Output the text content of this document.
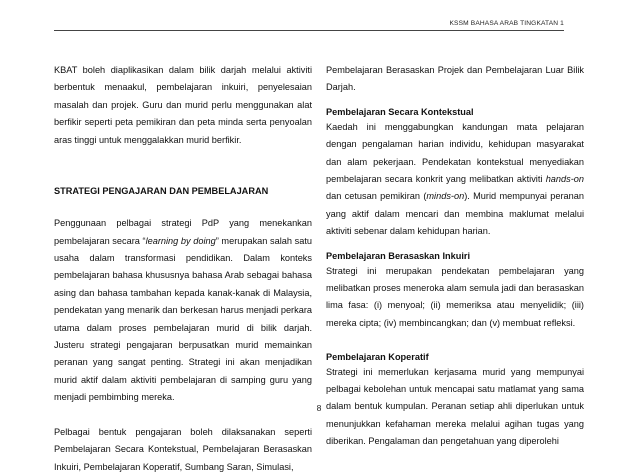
KSSM BAHASA ARAB TINGKATAN 1

KBAT boleh diaplikasikan dalam bilik darjah melalui aktiviti berbentuk menaakul, pembelajaran inkuiri, penyelesaian masalah dan projek. Guru dan murid perlu menggunakan alat berfikir seperti peta pemikiran dan peta minda serta penyoalan aras tinggi untuk menggalakkan murid berfikir.

STRATEGI PENGAJARAN DAN PEMBELAJARAN

Penggunaan pelbagai strategi PdP yang menekankan pembelajaran secara “learning by doing” merupakan salah satu usaha dalam transformasi pendidikan. Dalam konteks pembelajaran bahasa khususnya bahasa Arab sebagai bahasa asing dan bahasa tambahan kepada kanak-kanak di Malaysia, pendekatan yang menarik dan berkesan harus menjadi perkara utama dalam proses pembelajaran murid di bilik darjah. Justeru strategi pengajaran berpusatkan murid memainkan peranan yang sangat penting. Strategi ini akan menjadikan murid aktif dalam aktiviti pembelajaran di samping guru yang menjadi pembimbing mereka.

Pelbagai bentuk pengajaran boleh dilaksanakan seperti Pembelajaran Secara Kontekstual, Pembelajaran Berasaskan Inkuiri, Pembelajaran Koperatif, Sumbang Saran, Simulasi,

Pembelajaran Berasaskan Projek dan Pembelajaran Luar Bilik Darjah.

Pembelajaran Secara Kontekstual

Kaedah ini menggabungkan kandungan mata pelajaran dengan pengalaman harian individu, kehidupan masyarakat dan alam pekerjaan. Pendekatan kontekstual menyediakan pembelajaran secara konkrit yang melibatkan aktiviti hands-on dan cetusan pemikiran (minds-on). Murid mempunyai peranan yang aktif dalam mencari dan membina maklumat melalui aktiviti sebenar dalam kehidupan harian.

Pembelajaran Berasaskan Inkuiri

Strategi ini merupakan pendekatan pembelajaran yang melibatkan proses meneroka alam semula jadi dan berasaskan lima fasa: (i) menyoal; (ii) memeriksa atau menyelidik; (iii) mereka cipta; (iv) membincangkan; dan (v) membuat refleksi.

Pembelajaran Koperatif

Strategi ini memerlukan kerjasama murid yang mempunyai pelbagai kebolehan untuk mencapai satu matlamat yang sama dalam bentuk kumpulan. Peranan setiap ahli diperlukan untuk menunjukkan kefahaman mereka melalui agihan tugas yang diberikan. Pengalaman dan pengetahuan yang diperolehi

8
